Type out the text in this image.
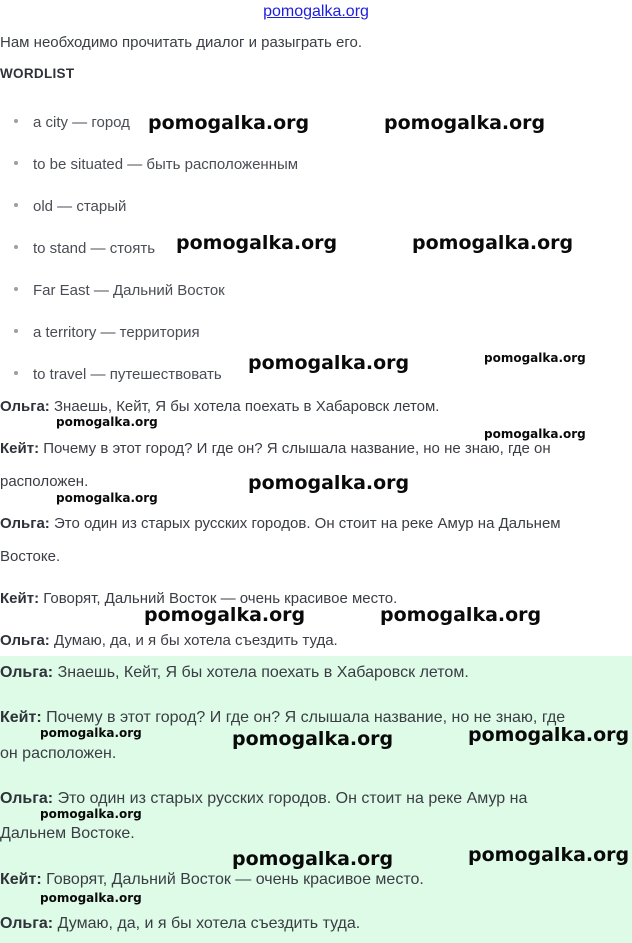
pomogalka.org
Нам необходимо прочитать диалог и разыграть его.
WORDLIST
a city — город
to be situated — быть расположенным
old — старый
to stand — стоять
Far East — Дальний Восток
a territory — территория
to travel — путешествовать
Ольга: Знаешь, Кейт, Я бы хотела поехать в Хабаровск летом.
Кейт: Почему в этот город? И где он? Я слышала название, но не знаю, где он
расположен.
Ольга: Это один из старых русских городов. Он стоит на реке Амур на Дальнем
Востоке.
Кейт: Говорят, Дальний Восток — очень красивое место.
Ольга: Думаю, да, и я бы хотела съездить туда.
Ольга: Знаешь, Кейт, Я бы хотела поехать в Хабаровск летом.
Кейт: Почему в этот город? И где он? Я слышала название, но не знаю, где
он расположен.
Ольга: Это один из старых русских городов. Он стоит на реке Амур на
Дальнем Востоке.
Кейт: Говорят, Дальний Восток — очень красивое место.
Ольга: Думаю, да, и я бы хотела съездить туда.
pomogalka.org	pomogalka.org
pomogalka.org	pomogalka.org
pomogalka.org	pomogalka.org
pomogalka.org
pomogalka.org
pomogalka.org
pomogalka.org
pomogalka.org	pomogalka.org
pomogalka.org	pomogalka.org	pomogalka.org
pomogalka.org
pomogalka.org	pomogalka.org
pomogalka.org
